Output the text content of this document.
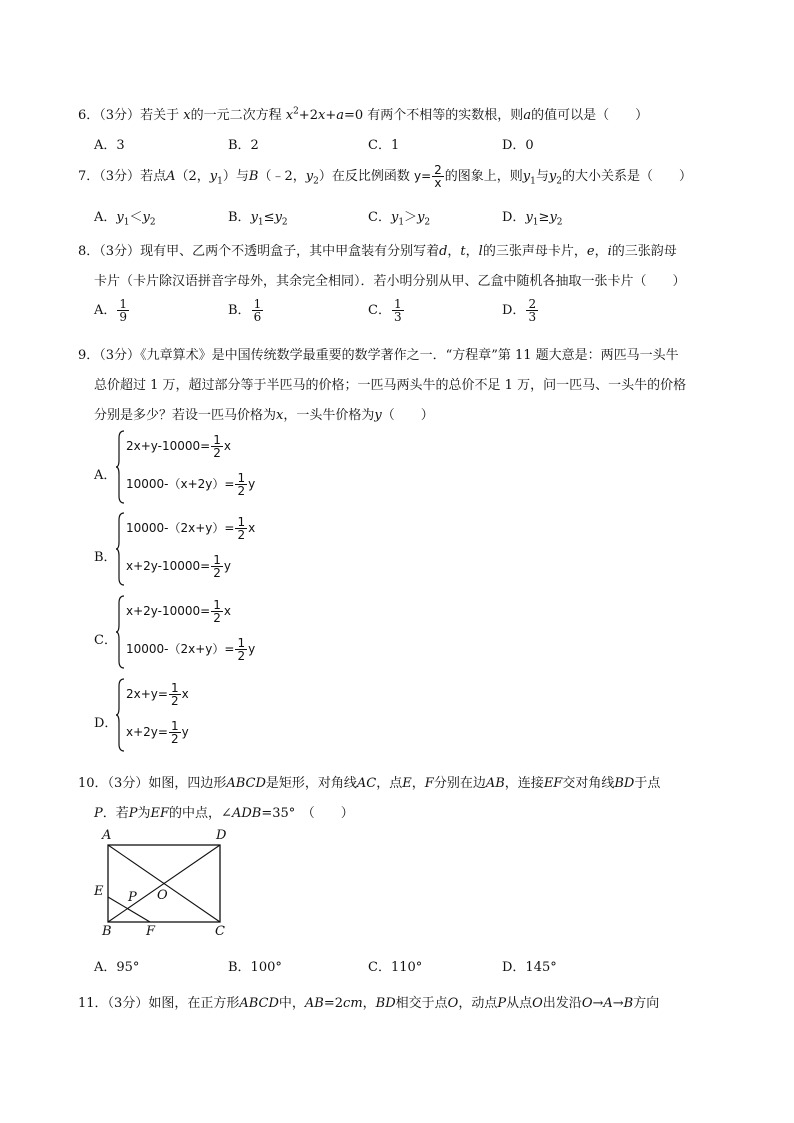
6．（3分）若关于 x的一元二次方程 $x^2+2x+a=0$ 有两个不相等的实数根，则a的值可以是（　　）
A．3	B．2	C．1	D．0
7．（3分）若点A（2，$y_1$）与B（﹣2，$y_2$）在反比例函数 $y= \frac{2}{x}$ 的图象上，则$y_1$与$y_2$的大小关系是（　　）
A．$y_1<y_2$	B．$y_1\le y_2$	C．$y_1>y_2$	D．$y_1\ge y_2$
8．（3分）现有甲、乙两个不透明盒子，其中甲盒装有分别写着d，t，l的三张声母卡片，e，i的三张韵母
卡片（卡片除汉语拼音字母外，其余完全相同）．若小明分别从甲、乙盒中随机各抽取一张卡片（　　）
A． $\frac{1}{9}$	B． $\frac{1}{6}$	C． $\frac{1}{3}$	D． $\frac{2}{3}$
9．（3分）《九章算术》是中国传统数学最重要的数学著作之一．“方程章”第 11 题大意是：两匹马一头牛
总价超过 1 万，超过部分等于半匹马的价格；一匹马两头牛的总价不足 1 万，问一匹马、一头牛的价格
分别是多少？若设一匹马价格为x，一头牛价格为y（　　）
A．
$2x+y-10000= \frac{1}{2}$ x
$10000-(x+2y)= \frac{1}{2}$ y
B．
$10000-(2x+y)= \frac{1}{2}$ x
$x+2y-10000= \frac{1}{2}$ y
C．
$x+2y-10000= \frac{1}{2}$ x
$10000-(2x+y)= \frac{1}{2}$ y
D．
$2x+y= \frac{1}{2}$ x
$x+2y= \frac{1}{2}$ y
10．（3分）如图，四边形ABCD是矩形，对角线AC，点E，F分别在边AB，连接EF交对角线BD于点
P．若P为EF的中点，∠ADB=35°　（　　）
A	D
E P O
B	F	C
A．95°	B．100°	C．110°	D．145°
11．（3分）如图，在正方形ABCD中，AB=2cm，BD相交于点O，动点P从点O出发沿O→A→B方向
